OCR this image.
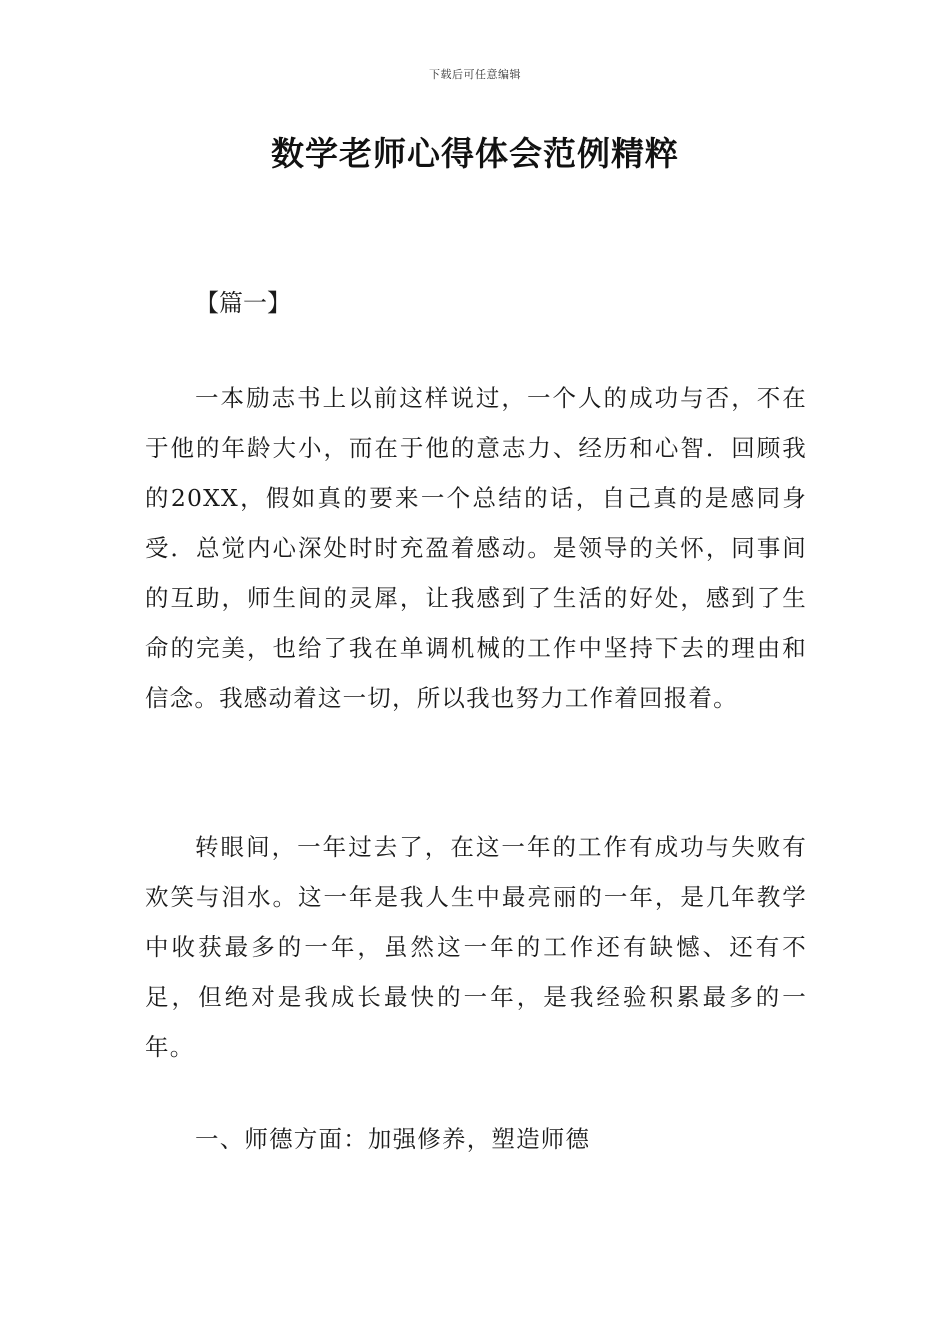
下载后可任意编辑
数学老师心得体会范例精粹

【篇一】

一本励志书上以前这样说过，一个人的成功与否，不在于他的年龄大小，而在于他的意志力、经历和心智．回顾我的20XX，假如真的要来一个总结的话，自己真的是感同身受．总觉内心深处时时充盈着感动。是领导的关怀，同事间的互助，师生间的灵犀，让我感到了生活的好处，感到了生命的完美，也给了我在单调机械的工作中坚持下去的理由和信念。我感动着这一切，所以我也努力工作着回报着。

转眼间，一年过去了，在这一年的工作有成功与失败有欢笑与泪水。这一年是我人生中最亮丽的一年，是几年教学中收获最多的一年，虽然这一年的工作还有缺憾、还有不足，但绝对是我成长最快的一年，是我经验积累最多的一年。

一、师德方面：加强修养，塑造师德
